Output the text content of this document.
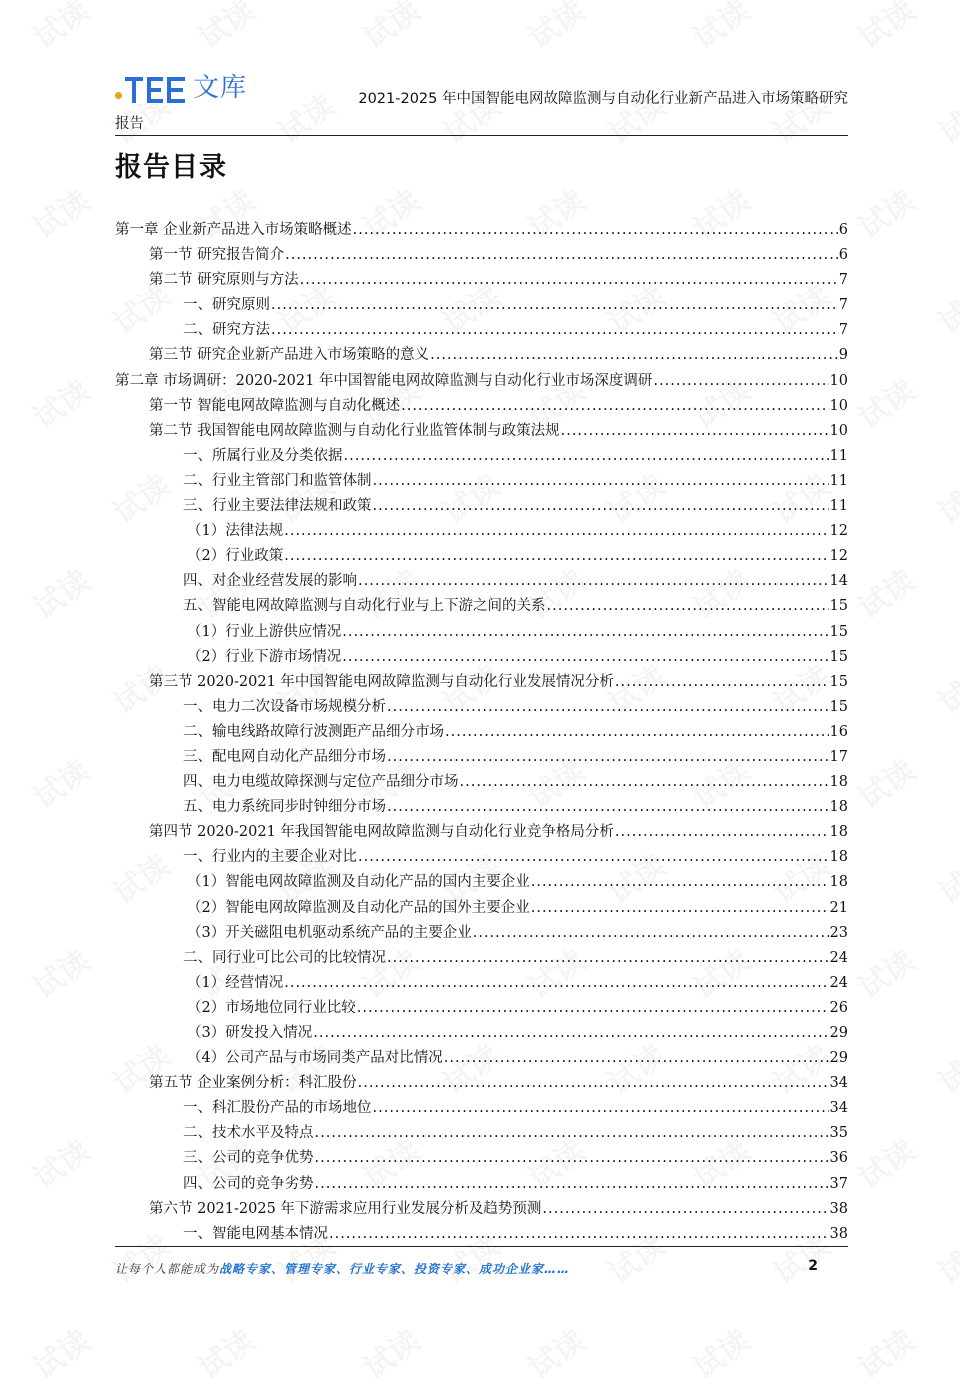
文库	2021-2025 年中国智能电网故障监测与自动化行业新产品进入市场策略研究
报告
报告目录
第一章 企业新产品进入市场策略概述 .....	6
第一节 研究报告简介 .....	6
第二节 研究原则与方法 .....	7
一、研究原则 .....	7
二、研究方法 .....	7
第三节 研究企业新产品进入市场策略的意义 .....	9
第二章 市场调研：2020-2021 年中国智能电网故障监测与自动化行业市场深度调研 .....	10
第一节 智能电网故障监测与自动化概述 .....	10
第二节 我国智能电网故障监测与自动化行业监管体制与政策法规 .....	10
一、所属行业及分类依据 .....	11
二、行业主管部门和监管体制 .....	11
三、行业主要法律法规和政策 .....	11
（1）法律法规 .....	12
（2）行业政策 .....	12
四、对企业经营发展的影响 .....	14
五、智能电网故障监测与自动化行业与上下游之间的关系 .....	15
（1）行业上游供应情况 .....	15
（2）行业下游市场情况 .....	15
第三节 2020-2021 年中国智能电网故障监测与自动化行业发展情况分析 .....	15
一、电力二次设备市场规模分析 .....	15
二、输电线路故障行波测距产品细分市场 .....	16
三、配电网自动化产品细分市场 .....	17
四、电力电缆故障探测与定位产品细分市场 .....	18
五、电力系统同步时钟细分市场 .....	18
第四节 2020-2021 年我国智能电网故障监测与自动化行业竞争格局分析 .....	18
一、行业内的主要企业对比 .....	18
（1）智能电网故障监测及自动化产品的国内主要企业 .....	18
（2）智能电网故障监测及自动化产品的国外主要企业 .....	21
（3）开关磁阻电机驱动系统产品的主要企业 .....	23
二、同行业可比公司的比较情况 .....	24
（1）经营情况 .....	24
（2）市场地位同行业比较 .....	26
（3）研发投入情况 .....	29
（4）公司产品与市场同类产品对比情况 .....	29
第五节 企业案例分析：科汇股份 .....	34
一、科汇股份产品的市场地位 .....	34
二、技术水平及特点 .....	35
三、公司的竞争优势 .....	36
四、公司的竞争劣势 .....	37
第六节 2021-2025 年下游需求应用行业发展分析及趋势预测 .....	38
一、智能电网基本情况 .....	38
让每个人都能成为战略专家、管理专家、行业专家、投资专家、成功企业家……	2
